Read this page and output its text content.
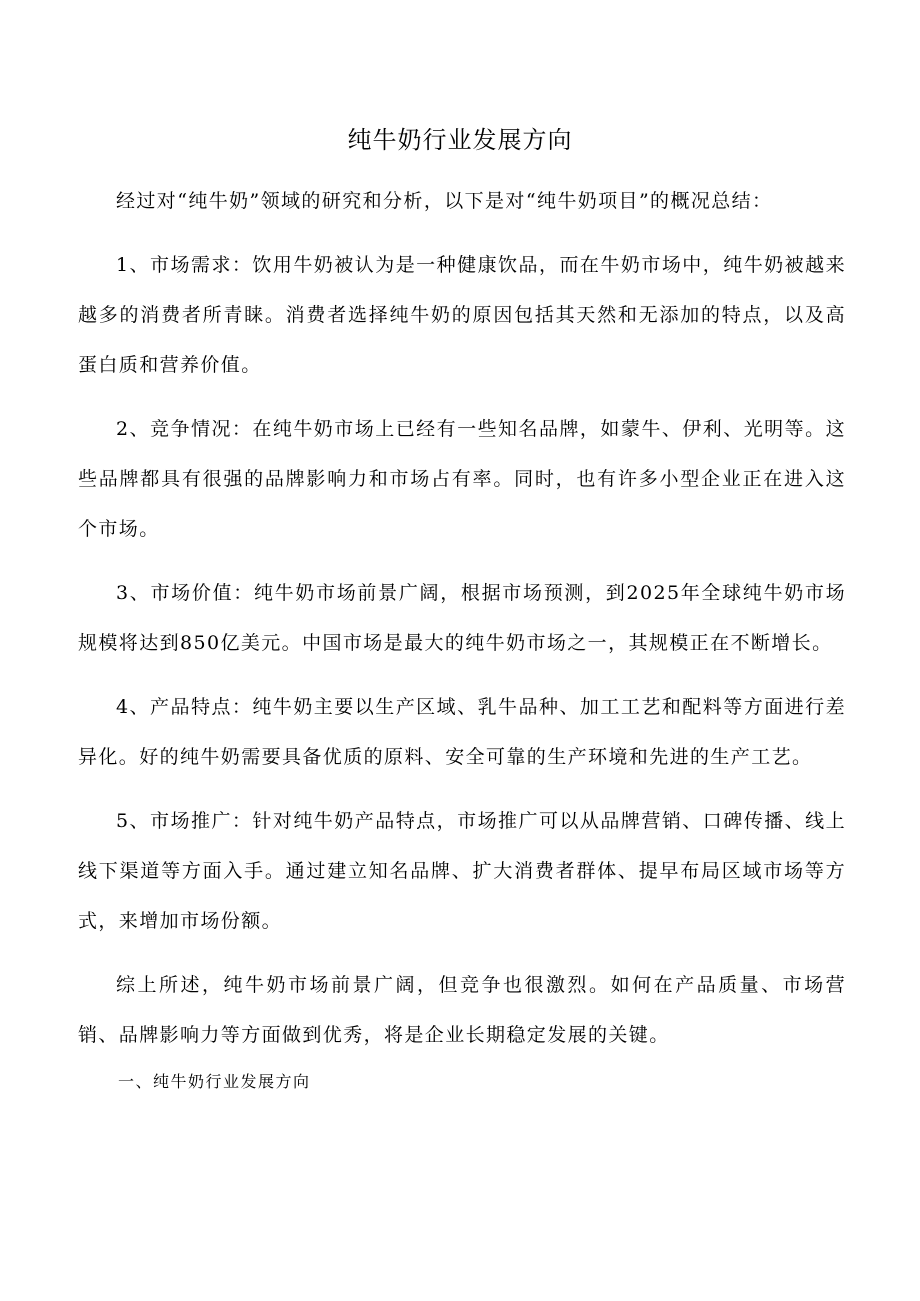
纯牛奶行业发展方向

经过对“纯牛奶”领域的研究和分析，以下是对“纯牛奶项目”的概况总结：

1、市场需求：饮用牛奶被认为是一种健康饮品，而在牛奶市场中，纯牛奶被越来越多的消费者所青睐。消费者选择纯牛奶的原因包括其天然和无添加的特点，以及高蛋白质和营养价值。

2、竞争情况：在纯牛奶市场上已经有一些知名品牌，如蒙牛、伊利、光明等。这些品牌都具有很强的品牌影响力和市场占有率。同时，也有许多小型企业正在进入这个市场。

3、市场价值：纯牛奶市场前景广阔，根据市场预测，到2025年全球纯牛奶市场规模将达到850亿美元。中国市场是最大的纯牛奶市场之一，其规模正在不断增长。

4、产品特点：纯牛奶主要以生产区域、乳牛品种、加工工艺和配料等方面进行差异化。好的纯牛奶需要具备优质的原料、安全可靠的生产环境和先进的生产工艺。

5、市场推广：针对纯牛奶产品特点，市场推广可以从品牌营销、口碑传播、线上线下渠道等方面入手。通过建立知名品牌、扩大消费者群体、提早布局区域市场等方式，来增加市场份额。

综上所述，纯牛奶市场前景广阔，但竞争也很激烈。如何在产品质量、市场营销、品牌影响力等方面做到优秀，将是企业长期稳定发展的关键。

一、纯牛奶行业发展方向
